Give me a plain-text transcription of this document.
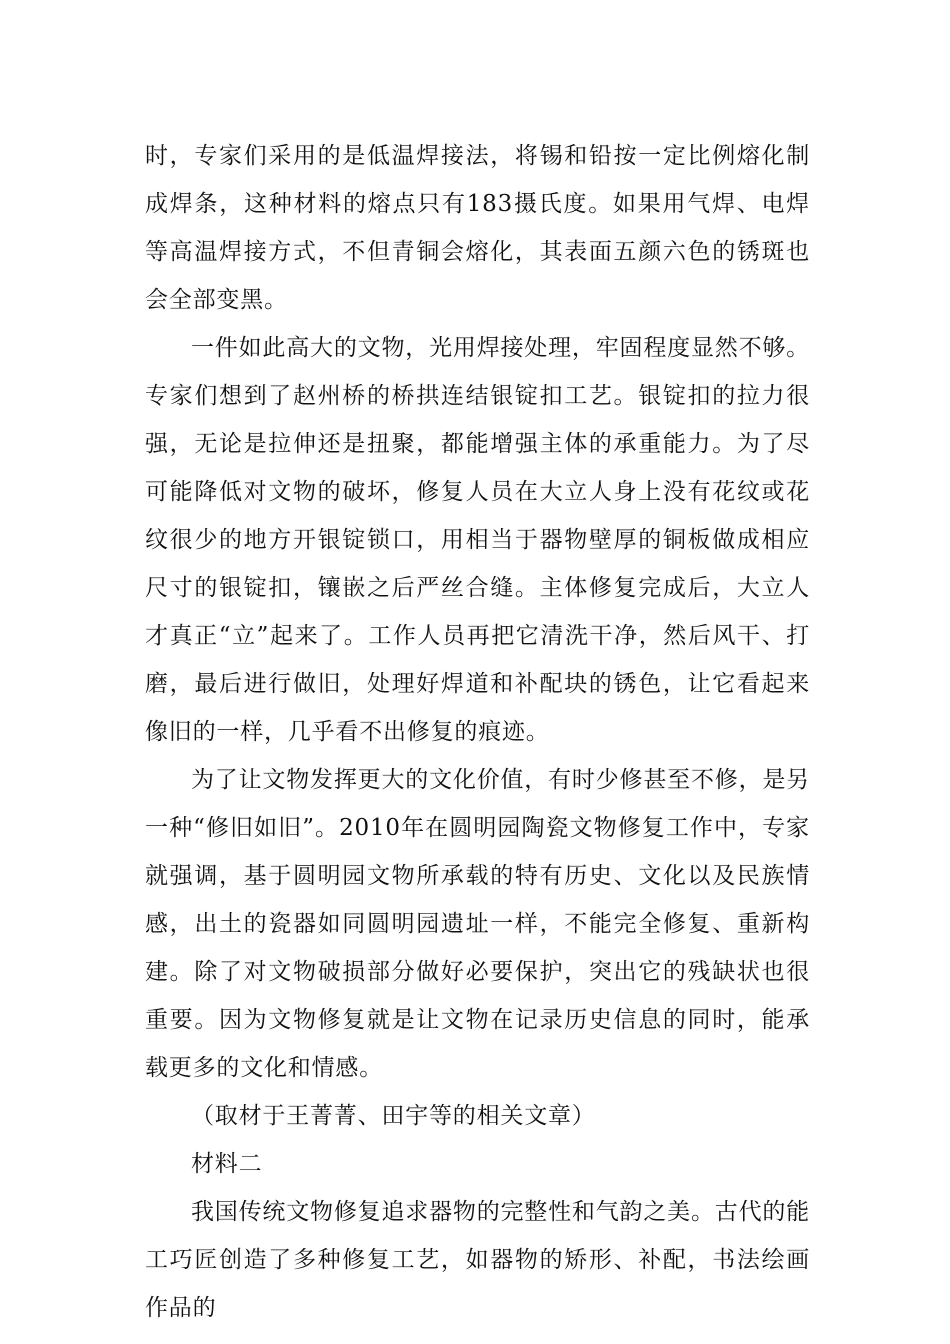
时，专家们采用的是低温焊接法，将锡和铅按一定比例熔化制成焊条，这种材料的熔点只有183摄氏度。如果用气焊、电焊等高温焊接方式，不但青铜会熔化，其表面五颜六色的锈斑也会全部变黑。

一件如此高大的文物，光用焊接处理，牢固程度显然不够。专家们想到了赵州桥的桥拱连结银锭扣工艺。银锭扣的拉力很强，无论是拉伸还是扭聚，都能增强主体的承重能力。为了尽可能降低对文物的破坏，修复人员在大立人身上没有花纹或花纹很少的地方开银锭锁口，用相当于器物壁厚的铜板做成相应尺寸的银锭扣，镶嵌之后严丝合缝。主体修复完成后，大立人才真正“立”起来了。工作人员再把它清洗干净，然后风干、打磨，最后进行做旧，处理好焊道和补配块的锈色，让它看起来像旧的一样，几乎看不出修复的痕迹。

为了让文物发挥更大的文化价值，有时少修甚至不修，是另一种“修旧如旧”。2010年在圆明园陶瓷文物修复工作中，专家就强调，基于圆明园文物所承载的特有历史、文化以及民族情感，出土的瓷器如同圆明园遗址一样，不能完全修复、重新构建。除了对文物破损部分做好必要保护，突出它的残缺状也很重要。因为文物修复就是让文物在记录历史信息的同时，能承载更多的文化和情感。

（取材于王菁菁、田宇等的相关文章）

材料二

我国传统文物修复追求器物的完整性和气韵之美。古代的能工巧匠创造了多种修复工艺，如器物的矫形、补配，书法绘画作品的
